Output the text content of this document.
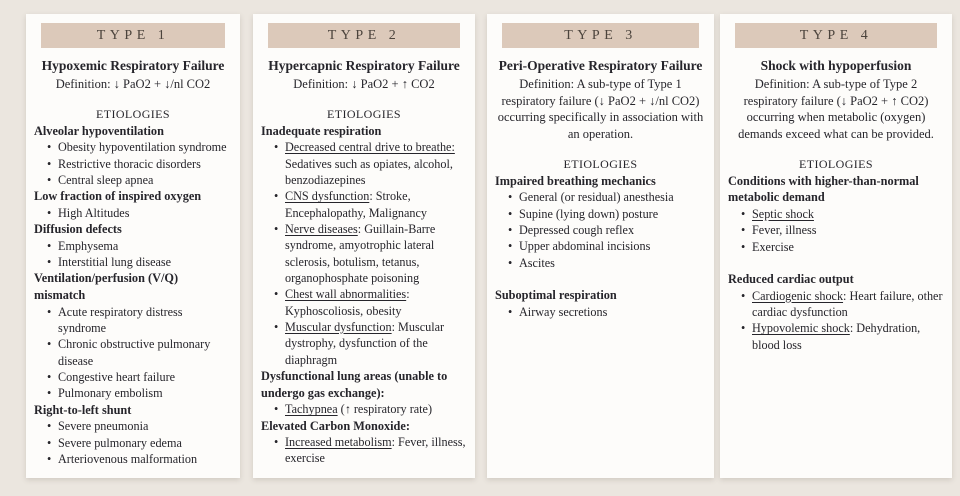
TYPE 1
Hypoxemic Respiratory Failure
Definition: ↓ PaO2 + ↓/nl CO2
ETIOLOGIES
Alveolar hypoventilation
• Obesity hypoventilation syndrome
• Restrictive thoracic disorders
• Central sleep apnea
Low fraction of inspired oxygen
• High Altitudes
Diffusion defects
• Emphysema
• Interstitial lung disease
Ventilation/perfusion (V/Q) mismatch
• Acute respiratory distress syndrome
• Chronic obstructive pulmonary disease
• Congestive heart failure
• Pulmonary embolism
Right-to-left shunt
• Severe pneumonia
• Severe pulmonary edema
• Arteriovenous malformation
TYPE 2
Hypercapnic Respiratory Failure
Definition: ↓ PaO2 + ↑ CO2
ETIOLOGIES
Inadequate respiration
• Decreased central drive to breathe: Sedatives such as opiates, alcohol, benzodiazepines
• CNS dysfunction: Stroke, Encephalopathy, Malignancy
• Nerve diseases: Guillain-Barre syndrome, amyotrophic lateral sclerosis, botulism, tetanus, organophosphate poisoning
• Chest wall abnormalities: Kyphoscoliosis, obesity
• Muscular dysfunction: Muscular dystrophy, dysfunction of the diaphragm
Dysfunctional lung areas (unable to undergo gas exchange):
• Tachypnea (↑ respiratory rate)
Elevated Carbon Monoxide:
• Increased metabolism: Fever, illness, exercise
TYPE 3
Peri-Operative Respiratory Failure
Definition: A sub-type of Type 1 respiratory failure (↓ PaO2 + ↓/nl CO2) occurring specifically in association with an operation.
ETIOLOGIES
Impaired breathing mechanics
• General (or residual) anesthesia
• Supine (lying down) posture
• Depressed cough reflex
• Upper abdominal incisions
• Ascites
Suboptimal respiration
• Airway secretions
TYPE 4
Shock with hypoperfusion
Definition: A sub-type of Type 2 respiratory failure (↓ PaO2 + ↑ CO2) occurring when metabolic (oxygen) demands exceed what can be provided.
ETIOLOGIES
Conditions with higher-than-normal metabolic demand
• Septic shock
• Fever, illness
• Exercise
Reduced cardiac output
• Cardiogenic shock: Heart failure, other cardiac dysfunction
• Hypovolemic shock: Dehydration, blood loss
